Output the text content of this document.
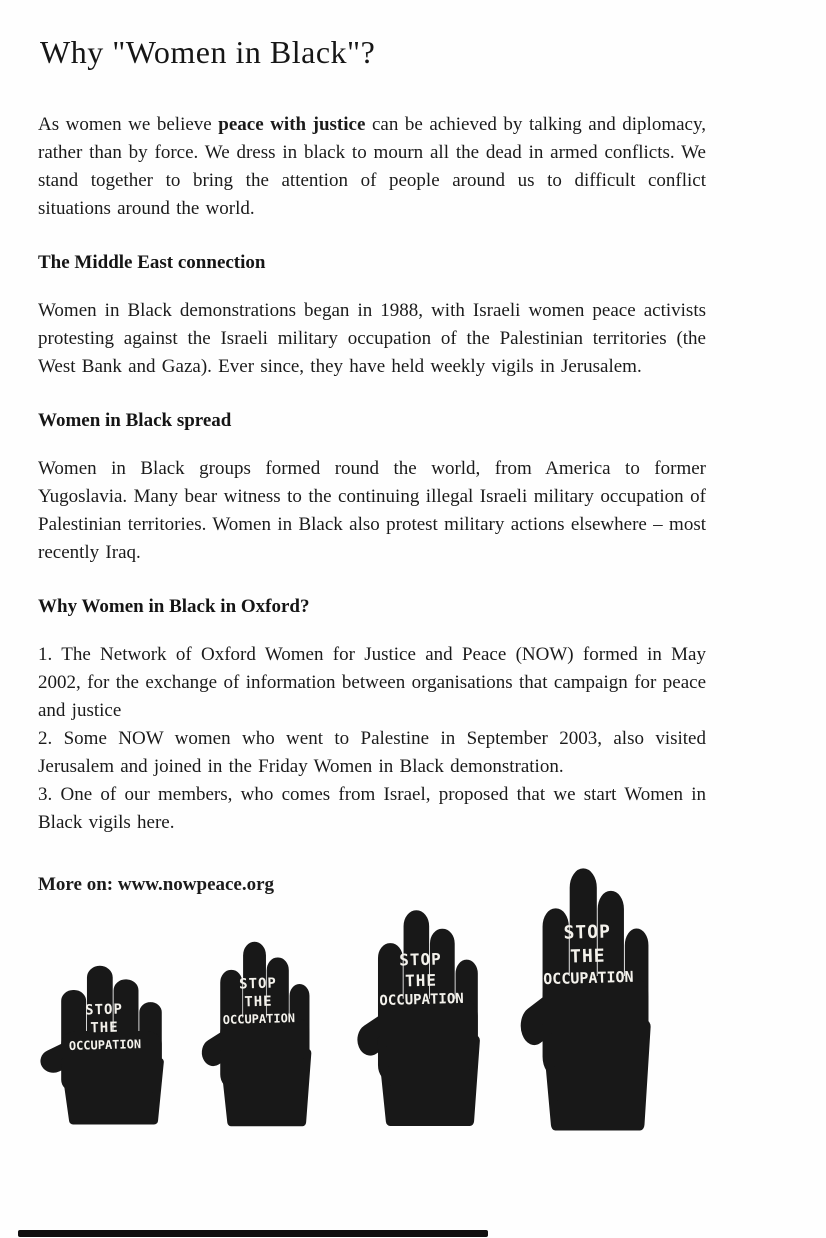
Why "Women in Black"?

As women we believe peace with justice can be achieved by talking and diplomacy, rather than by force. We dress in black to mourn all the dead in armed conflicts. We stand together to bring the attention of people around us to difficult conflict situations around the world.

The Middle East connection

Women in Black demonstrations began in 1988, with Israeli women peace activists protesting against the Israeli military occupation of the Palestinian territories (the West Bank and Gaza). Ever since, they have held weekly vigils in Jerusalem.

Women in Black spread

Women in Black groups formed round the world, from America to former Yugoslavia. Many bear witness to the continuing illegal Israeli military occupation of Palestinian territories. Women in Black also protest military actions elsewhere – most recently Iraq.

Why Women in Black in Oxford?

1. The Network of Oxford Women for Justice and Peace (NOW) formed in May 2002, for the exchange of information between organisations that campaign for peace and justice

2. Some NOW women who went to Palestine in September 2003, also visited Jerusalem and joined in the Friday Women in Black demonstration.

3. One of our members, who comes from Israel, proposed that we start Women in Black vigils here.

More on: www.nowpeace.org

STOP
THE
OCCUPATION
STOP
THE
OCCUPATION
STOP
THE
OCCUPATION
STOP
THE
OCCUPATION
